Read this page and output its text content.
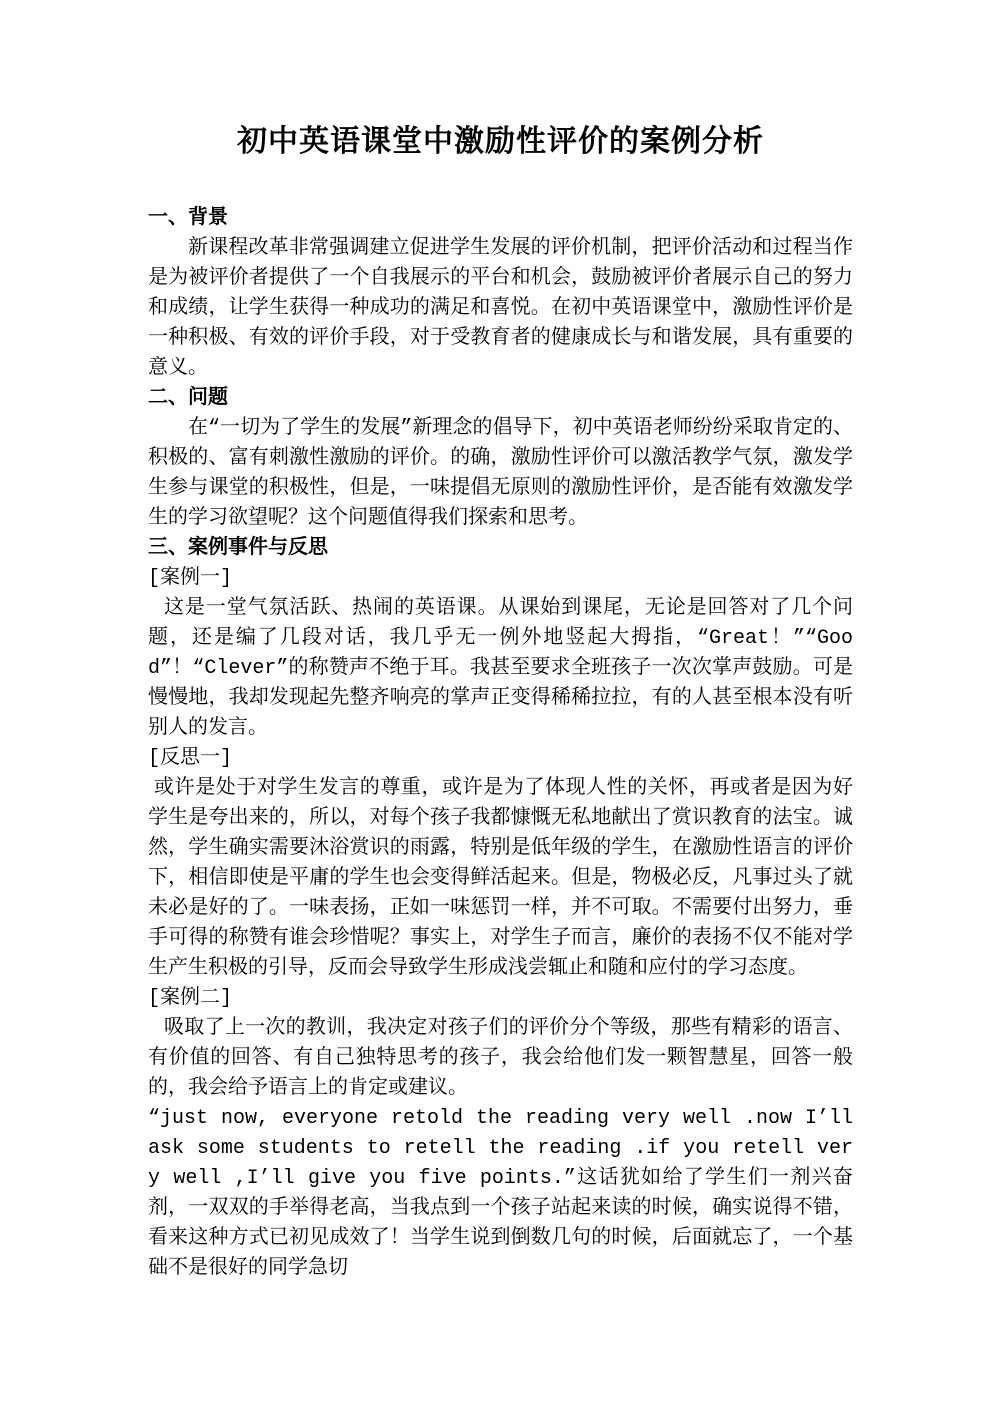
初中英语课堂中激励性评价的案例分析
一、背景

新课程改革非常强调建立促进学生发展的评价机制，把评价活动和过程当作是为被评价者提供了一个自我展示的平台和机会，鼓励被评价者展示自己的努力和成绩，让学生获得一种成功的满足和喜悦。在初中英语课堂中，激励性评价是一种积极、有效的评价手段，对于受教育者的健康成长与和谐发展，具有重要的意义。

二、问题

在“一切为了学生的发展”新理念的倡导下，初中英语老师纷纷采取肯定的、积极的、富有刺激性激励的评价。的确，激励性评价可以激活教学气氛，激发学生参与课堂的积极性，但是，一味提倡无原则的激励性评价，是否能有效激发学生的学习欲望呢？这个问题值得我们探索和思考。

三、案例事件与反思

[案例一]

这是一堂气氛活跃、热闹的英语课。从课始到课尾，无论是回答对了几个问题，还是编了几段对话，我几乎无一例外地竖起大拇指，“Great！”“Good”！“Clever”的称赞声不绝于耳。我甚至要求全班孩子一次次掌声鼓励。可是慢慢地，我却发现起先整齐响亮的掌声正变得稀稀拉拉，有的人甚至根本没有听别人的发言。

[反思一]

或许是处于对学生发言的尊重，或许是为了体现人性的关怀，再或者是因为好学生是夸出来的，所以，对每个孩子我都慷慨无私地献出了赏识教育的法宝。诚然，学生确实需要沐浴赏识的雨露，特别是低年级的学生，在激励性语言的评价下，相信即使是平庸的学生也会变得鲜活起来。但是，物极必反，凡事过头了就未必是好的了。一味表扬，正如一味惩罚一样，并不可取。不需要付出努力，垂手可得的称赞有谁会珍惜呢？事实上，对学生子而言，廉价的表扬不仅不能对学生产生积极的引导，反而会导致学生形成浅尝辄止和随和应付的学习态度。

[案例二]

吸取了上一次的教训，我决定对孩子们的评价分个等级，那些有精彩的语言、有价值的回答、有自己独特思考的孩子，我会给他们发一颗智慧星，回答一般的，我会给予语言上的肯定或建议。

“just now, everyone retold the reading very well .now I’ll ask some students to retell the reading .if you retell very well ,I’ll give you five points.”这话犹如给了学生们一剂兴奋剂，一双双的手举得老高，当我点到一个孩子站起来读的时候，确实说得不错，看来这种方式已初见成效了！当学生说到倒数几句的时候，后面就忘了，一个基础不是很好的同学急切
